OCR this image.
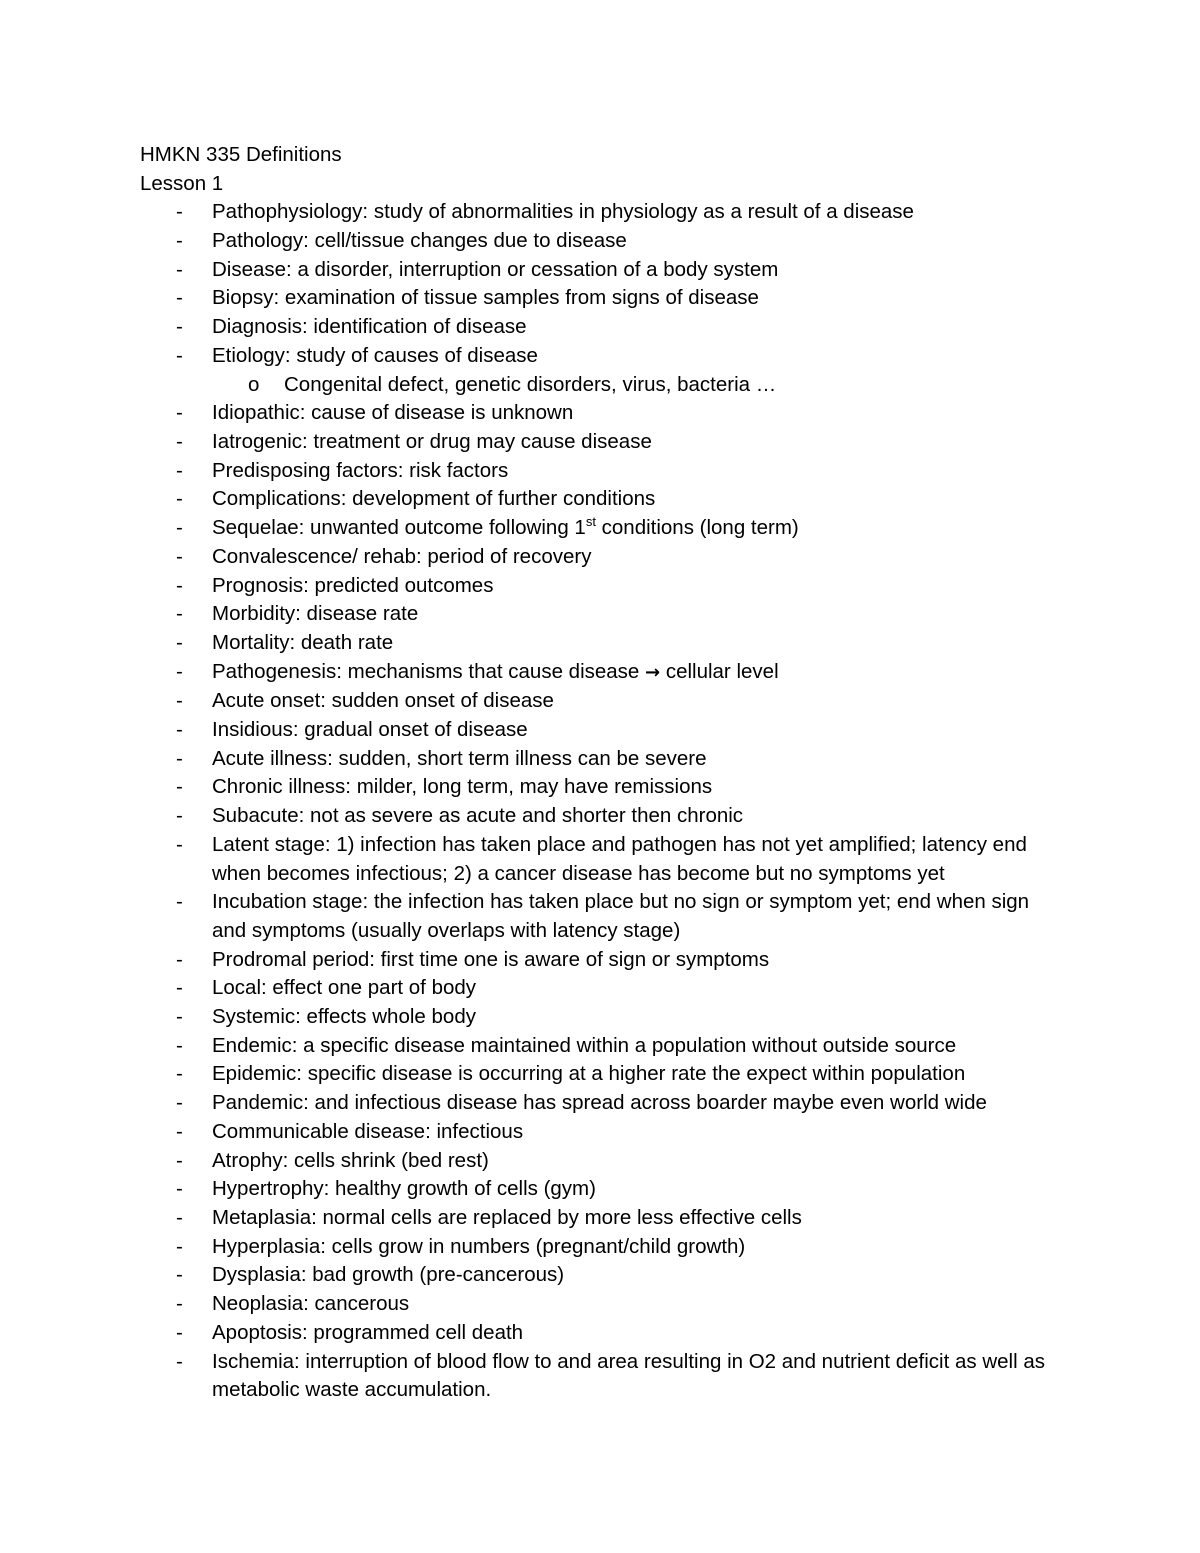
HMKN 335 Definitions
Lesson 1
- Pathophysiology: study of abnormalities in physiology as a result of a disease
- Pathology: cell/tissue changes due to disease
- Disease: a disorder, interruption or cessation of a body system
- Biopsy: examination of tissue samples from signs of disease
- Diagnosis: identification of disease
- Etiology: study of causes of disease
o Congenital defect, genetic disorders, virus, bacteria …
- Idiopathic: cause of disease is unknown
- Iatrogenic: treatment or drug may cause disease
- Predisposing factors: risk factors
- Complications: development of further conditions
- Sequelae: unwanted outcome following 1st conditions (long term)
- Convalescence/ rehab: period of recovery
- Prognosis: predicted outcomes
- Morbidity: disease rate
- Mortality: death rate
- Pathogenesis: mechanisms that cause disease → cellular level
- Acute onset: sudden onset of disease
- Insidious: gradual onset of disease
- Acute illness: sudden, short term illness can be severe
- Chronic illness: milder, long term, may have remissions
- Subacute: not as severe as acute and shorter then chronic
- Latent stage: 1) infection has taken place and pathogen has not yet amplified; latency end when becomes infectious; 2) a cancer disease has become but no symptoms yet
- Incubation stage: the infection has taken place but no sign or symptom yet; end when sign and symptoms (usually overlaps with latency stage)
- Prodromal period: first time one is aware of sign or symptoms
- Local: effect one part of body
- Systemic: effects whole body
- Endemic: a specific disease maintained within a population without outside source
- Epidemic: specific disease is occurring at a higher rate the expect within population
- Pandemic: and infectious disease has spread across boarder maybe even world wide
- Communicable disease: infectious
- Atrophy: cells shrink (bed rest)
- Hypertrophy: healthy growth of cells (gym)
- Metaplasia: normal cells are replaced by more less effective cells
- Hyperplasia: cells grow in numbers (pregnant/child growth)
- Dysplasia: bad growth (pre-cancerous)
- Neoplasia: cancerous
- Apoptosis: programmed cell death
- Ischemia: interruption of blood flow to and area resulting in O2 and nutrient deficit as well as metabolic waste accumulation.
